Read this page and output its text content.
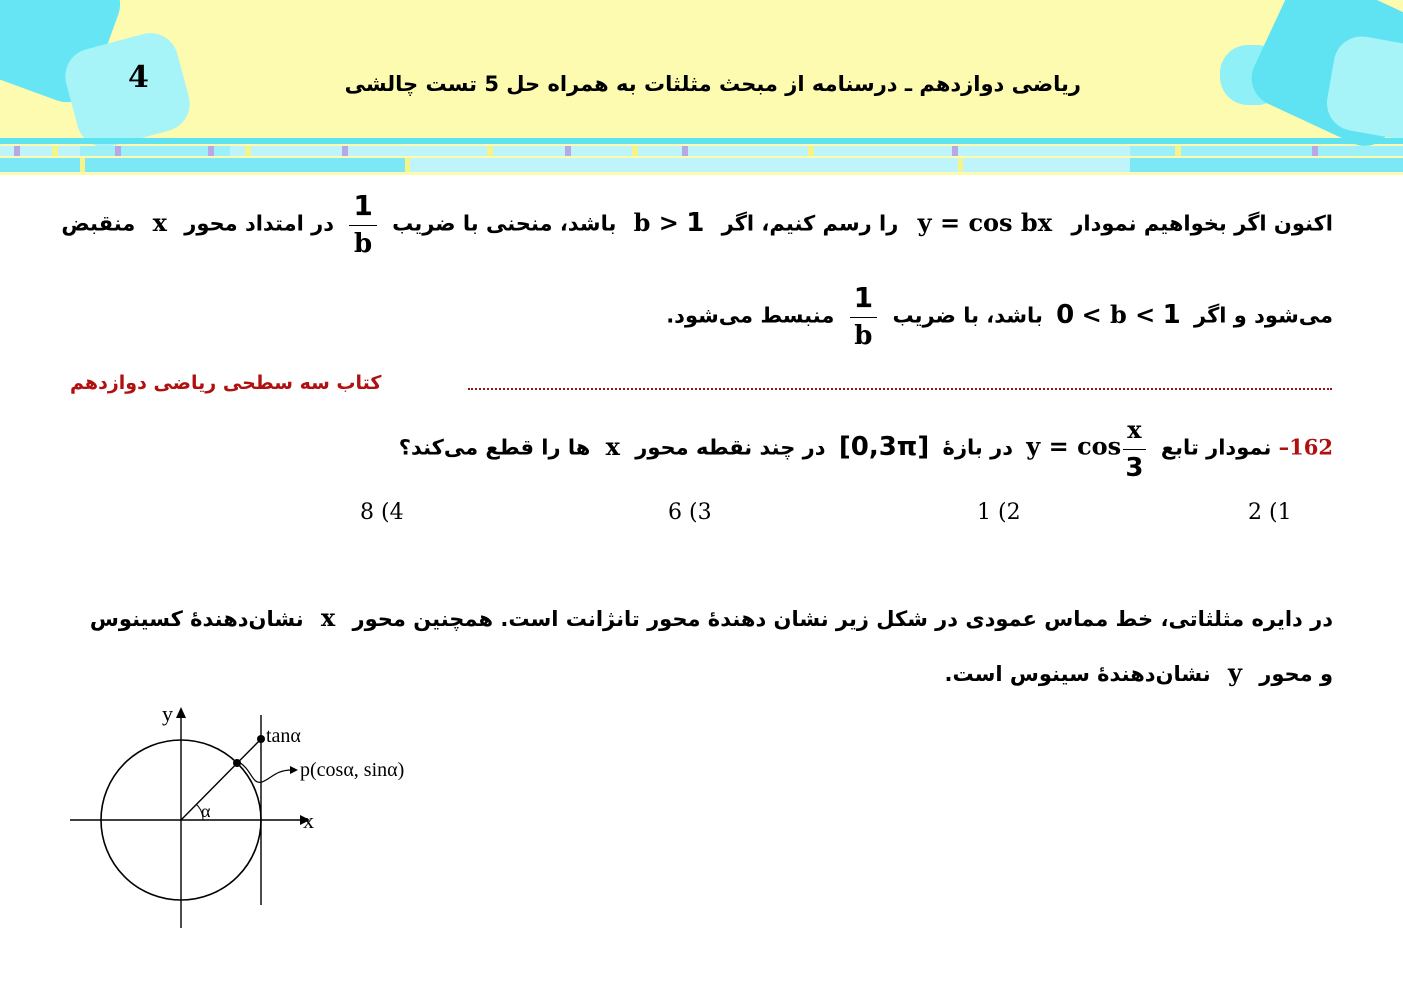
4	ریاضی دوازدهم ـ درسنامه از مبحث مثلثات به همراه حل 5 تست چالشی
اکنون اگر بخواهیم نمودار y = cos bx را رسم کنیم، اگر b > 1 باشد، منحنی با ضریب
$\frac{1}{b}$
در امتداد محور x منقبض
می‌شود و اگر 0 < b < 1 باشد، با ضریب
$\frac{1}{b}$
منبسط می‌شود.
کتاب سه سطحی ریاضی دوازدهم
162– نمودار تابع $y = \cos \frac{x}{3}$
در بازۀ [0,3π] در چند نقطه محور x ها را قطع می‌کند؟
2 (1
1 (2
6 (3
8 (4
در دایره مثلثاتی، خط مماس عمودی در شکل زیر نشان دهندۀ محور تانژانت است. همچنین محور x نشان‌دهندۀ کسینوس
و محور y نشان‌دهندۀ سینوس است.
y
x
tanα
p(cosα, sinα)
α
